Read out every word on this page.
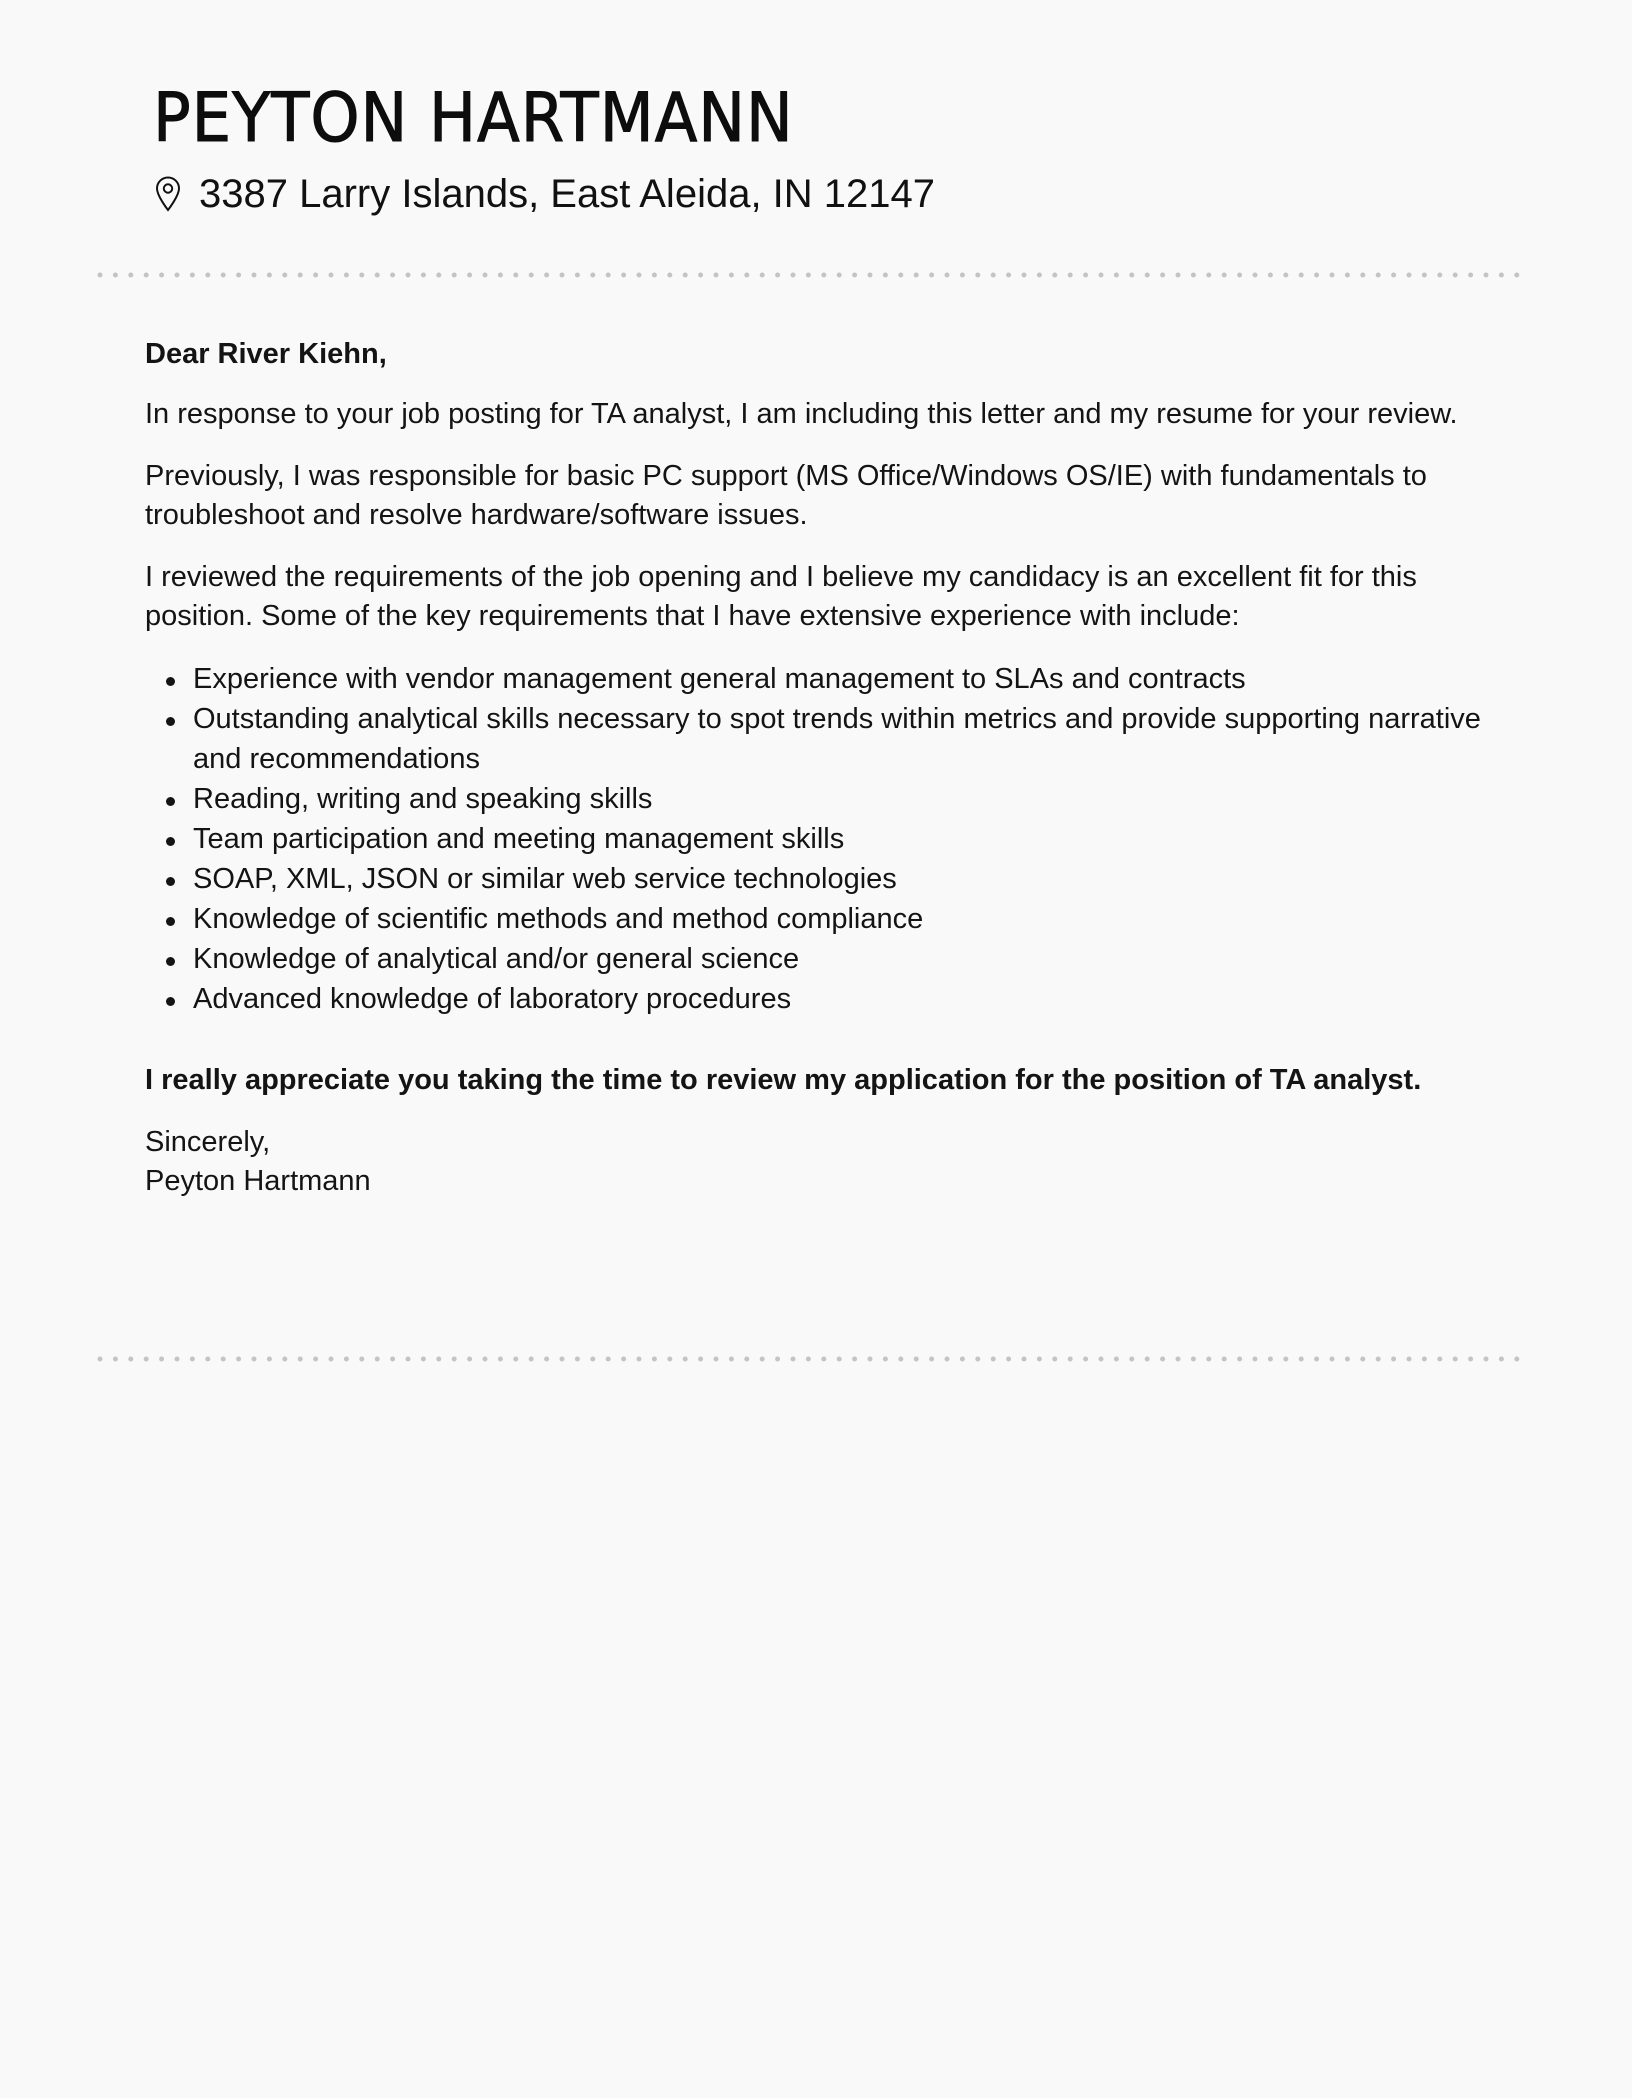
PEYTON HARTMANN
3387 Larry Islands, East Aleida, IN 12147

Dear River Kiehn,

In response to your job posting for TA analyst, I am including this letter and my resume for your review.

Previously, I was responsible for basic PC support (MS Office/Windows OS/IE) with fundamentals to troubleshoot and resolve hardware/software issues.

I reviewed the requirements of the job opening and I believe my candidacy is an excellent fit for this position. Some of the key requirements that I have extensive experience with include:

Experience with vendor management general management to SLAs and contracts
Outstanding analytical skills necessary to spot trends within metrics and provide supporting narrative and recommendations
Reading, writing and speaking skills
Team participation and meeting management skills
SOAP, XML, JSON or similar web service technologies
Knowledge of scientific methods and method compliance
Knowledge of analytical and/or general science
Advanced knowledge of laboratory procedures

I really appreciate you taking the time to review my application for the position of TA analyst.

Sincerely,

Peyton Hartmann
